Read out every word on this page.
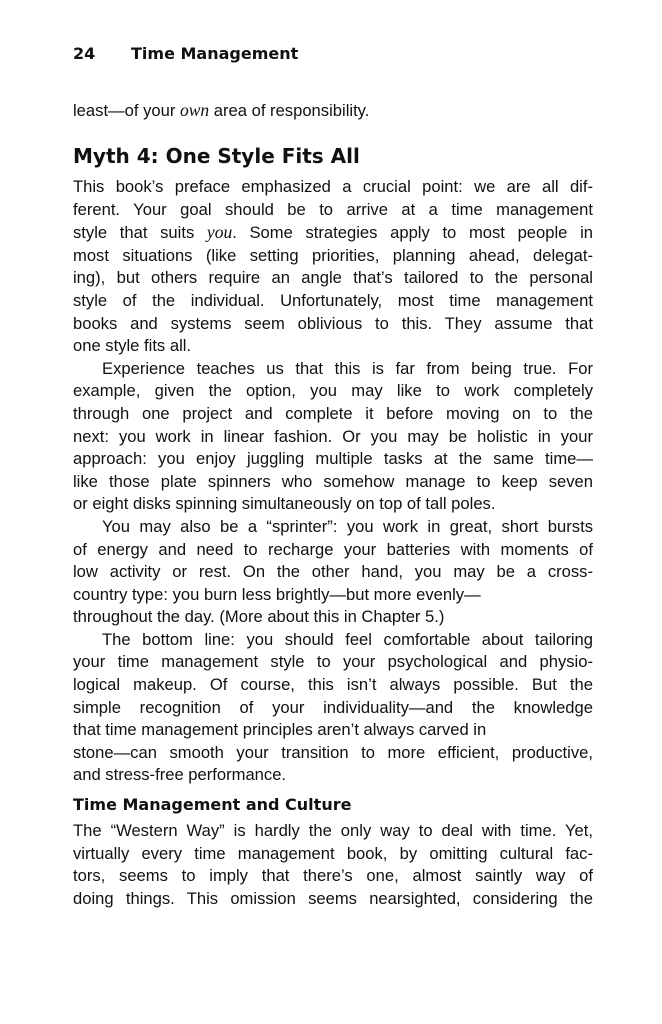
24 Time Management

least—of your own area of responsibility.

Myth 4: One Style Fits All
This book’s preface emphasized a crucial point: we are all dif-
ferent. Your goal should be to arrive at a time management
style that suits you. Some strategies apply to most people in
most situations (like setting priorities, planning ahead, delegat-
ing), but others require an angle that’s tailored to the personal
style of the individual. Unfortunately, most time management
books and systems seem oblivious to this. They assume that
one style fits all.
Experience teaches us that this is far from being true. For
example, given the option, you may like to work completely
through one project and complete it before moving on to the
next: you work in linear fashion. Or you may be holistic in your
approach: you enjoy juggling multiple tasks at the same time—
like those plate spinners who somehow manage to keep seven
or eight disks spinning simultaneously on top of tall poles.
You may also be a “sprinter”: you work in great, short bursts
of energy and need to recharge your batteries with moments of
low activity or rest. On the other hand, you may be a cross-
country type: you burn less brightly—but more evenly—
throughout the day. (More about this in Chapter 5.)
The bottom line: you should feel comfortable about tailoring
your time management style to your psychological and physio-
logical makeup. Of course, this isn’t always possible. But the
simple recognition of your individuality—and the knowledge
that time management principles aren’t always carved in
stone—can smooth your transition to more efficient, productive,
and stress-free performance.
Time Management and Culture
The “Western Way” is hardly the only way to deal with time. Yet,
virtually every time management book, by omitting cultural fac-
tors, seems to imply that there’s one, almost saintly way of
doing things. This omission seems nearsighted, considering the
